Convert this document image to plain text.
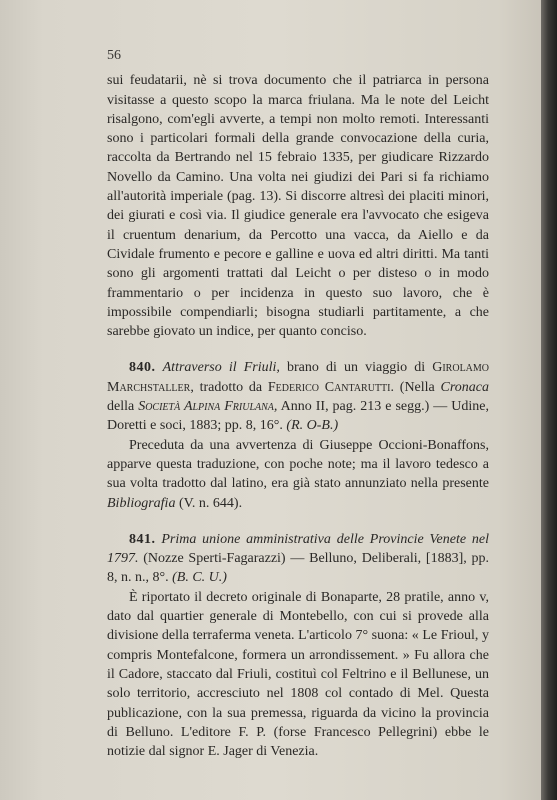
56

sui feudatarii, nè si trova documento che il patriarca in persona visitasse a questo scopo la marca friulana. Ma le note del Leicht risalgono, com'egli avverte, a tempi non molto remoti. Interessanti sono i particolari formali della grande convocazione della curia, raccolta da Bertrando nel 15 febraio 1335, per giudicare Rizzardo Novello da Camino. Una volta nei giudizi dei Pari si fa richiamo all'autorità imperiale (pag. 13). Si discorre altresì dei placiti minori, dei giurati e così via. Il giudice generale era l'avvocato che esigeva il cruentum denarium, da Percotto una vacca, da Aiello e da Cividale frumento e pecore e galline e uova ed altri diritti. Ma tanti sono gli argomenti trattati dal Leicht o per disteso o in modo frammentario o per incidenza in questo suo lavoro, che è impossibile compendiarli; bisogna studiarli partitamente, a che sarebbe giovato un indice, per quanto conciso.

840. Attraverso il Friuli, brano di un viaggio di Girolamo Marchstaller, tradotto da Federico Cantarutti. (Nella Cronaca della Società Alpina Friulana, Anno II, pag. 213 e segg.) — Udine, Doretti e soci, 1883; pp. 8, 16°. (R. O-B.)

Preceduta da una avvertenza di Giuseppe Occioni-Bonaffons, apparve questa traduzione, con poche note; ma il lavoro tedesco a sua volta tradotto dal latino, era già stato annunziato nella presente Bibliografia (V. n. 644).

841. Prima unione amministrativa delle Provincie Venete nel 1797. (Nozze Sperti-Fagarazzi) — Belluno, Deliberali, [1883], pp. 8, n. n., 8°. (B. C. U.)

È riportato il decreto originale di Bonaparte, 28 pratile, anno v, dato dal quartier generale di Montebello, con cui si provede alla divisione della terraferma veneta. L'articolo 7° suona: « Le Frioul, y compris Montefalcone, formera un arrondissement. » Fu allora che il Cadore, staccato dal Friuli, costituì col Feltrino e il Bellunese, un solo territorio, accresciuto nel 1808 col contado di Mel. Questa publicazione, con la sua premessa, riguarda da vicino la provincia di Belluno. L'editore F. P. (forse Francesco Pellegrini) ebbe le notizie dal signor E. Jager di Venezia.
